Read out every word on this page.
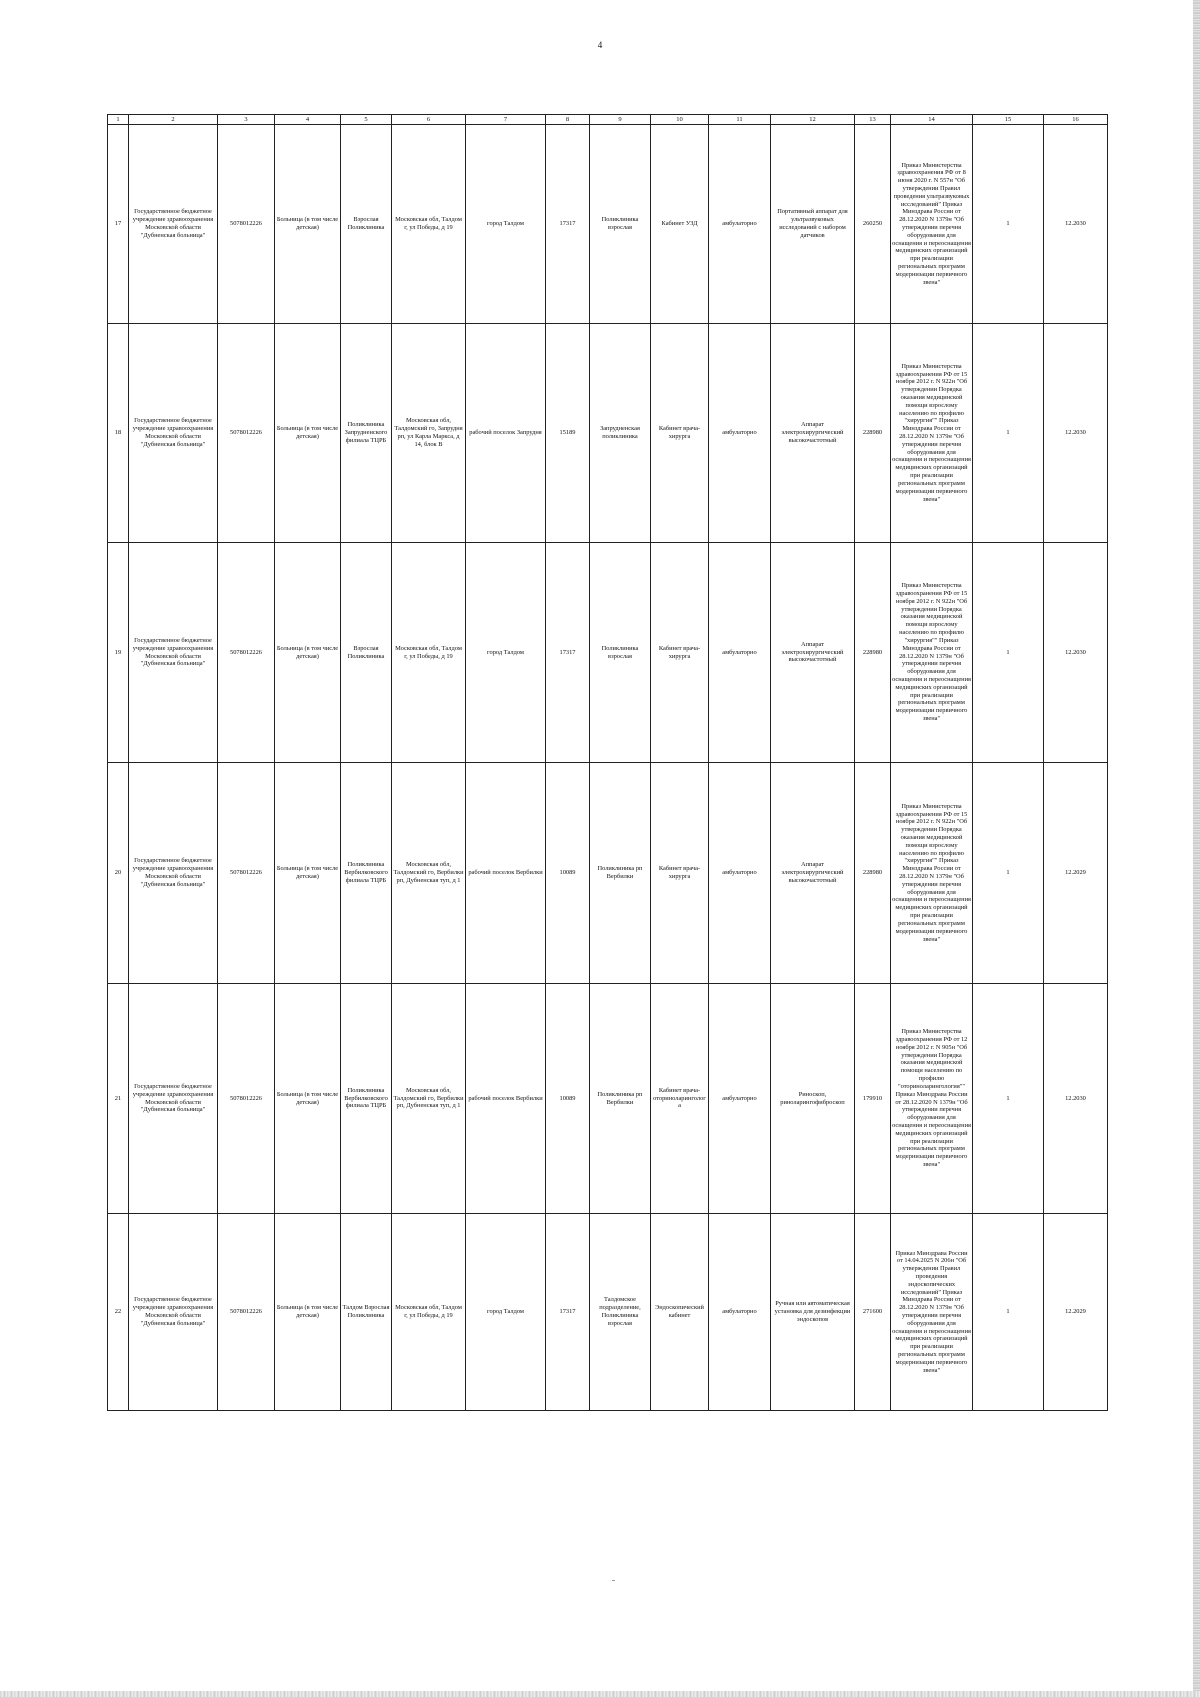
4
1	2	3	4	5	6	7	8	9	10	11	12	13	14	15	16
17	Государственное бюджетное учреждение здравоохранения Московской области "Дубненская больница"	5078012226	Больница (в том числе детская)	Взрослая Поликлиника	Московская обл, Талдом г, ул Победы, д 19	город Талдом	17317	Поликлиника взрослая	Кабинет УЗД	амбулаторно	Портативный аппарат для ультразвуковых исследований с набором датчиков	260250	Приказ Министерства здравоохранения РФ от 8 июня 2020 г. N 557н "Об утверждении Правил проведения ультразвуковых исследований" Приказ Минздрава России от 28.12.2020 N 1379н "Об утверждении перечня оборудования для оснащения и переоснащения медицинских организаций при реализации региональных программ модернизации первичного звена"	1	12.2030
18	Государственное бюджетное учреждение здравоохранения Московской области "Дубненская больница"	5078012226	Больница (в том числе детская)	Поликлиника Запрудненского филиала ТЦРБ	Московская обл, Талдомский го, Запрудня рп, ул Карла Маркса, д 14, блок В	рабочий поселок Запрудня	15189	Запрудненская поликлиника	Кабинет врача-хирурга	амбулаторно	Аппарат электрохирургический высокочастотный	228980	Приказ Министерства здравоохранения РФ от 15 ноября 2012 г. N 922н "Об утверждении Порядка оказания медицинской помощи взрослому населению по профилю "хирургия"" Приказ Минздрава России от 28.12.2020 N 1379н "Об утверждении перечня оборудования для оснащения и переоснащения медицинских организаций при реализации региональных программ модернизации первичного звена"	1	12.2030
19	Государственное бюджетное учреждение здравоохранения Московской области "Дубненская больница"	5078012226	Больница (в том числе детская)	Взрослая Поликлиника	Московская обл, Талдом г, ул Победы, д 19	город Талдом	17317	Поликлиника взрослая	Кабинет врача-хирурга	амбулаторно	Аппарат электрохирургический высокочастотный	228980	Приказ Министерства здравоохранения РФ от 15 ноября 2012 г. N 922н "Об утверждении Порядка оказания медицинской помощи взрослому населению по профилю "хирургия"" Приказ Минздрава России от 28.12.2020 N 1379н "Об утверждении перечня оборудования для оснащения и переоснащения медицинских организаций при реализации региональных программ модернизации первичного звена"	1	12.2030
20	Государственное бюджетное учреждение здравоохранения Московской области "Дубненская больница"	5078012226	Больница (в том числе детская)	Поликлиника Вербилковского филиала ТЦРБ	Московская обл, Талдомский го, Вербилки рп, Дубненская туп, д 1	рабочий поселок Вербилки	10089	Поликлиника рп Вербилки	Кабинет врача-хирурга	амбулаторно	Аппарат электрохирургический высокочастотный	228980	Приказ Министерства здравоохранения РФ от 15 ноября 2012 г. N 922н "Об утверждении Порядка оказания медицинской помощи взрослому населению по профилю "хирургия"" Приказ Минздрава России от 28.12.2020 N 1379н "Об утверждении перечня оборудования для оснащения и переоснащения медицинских организаций при реализации региональных программ модернизации первичного звена"	1	12.2029
21	Государственное бюджетное учреждение здравоохранения Московской области "Дубненская больница"	5078012226	Больница (в том числе детская)	Поликлиника Вербилковского филиала ТЦРБ	Московская обл, Талдомский го, Вербилки рп, Дубненская туп, д 1	рабочий поселок Вербилки	10089	Поликлиника рп Вербилки	Кабинет врача-оториноларинголога	амбулаторно	Риноскоп, риноларингофиброскоп	179910	Приказ Министерства здравоохранения РФ от 12 ноября 2012 г. N 905н "Об утверждении Порядка оказания медицинской помощи населению по профилю "оториноларингология"" Приказ Минздрава России от 28.12.2020 N 1379н "Об утверждении перечня оборудования для оснащения и переоснащения медицинских организаций при реализации региональных программ модернизации первичного звена"	1	12.2030
22	Государственное бюджетное учреждение здравоохранения Московской области "Дубненская больница"	5078012226	Больница (в том числе детская)	Талдом Взрослая Поликлиника	Московская обл, Талдом г, ул Победы, д 19	город Талдом	17317	Талдомское подразделение, Поликлиника взрослая	Эндоскопический кабинет	амбулаторно	Ручная или автоматическая установка для дезинфекции эндоскопов	271600	Приказ Минздрава России от 14.04.2025 N 206н "Об утверждении Правил проведения эндоскопических исследований" Приказ Минздрава России от 28.12.2020 N 1379н "Об утверждении перечня оборудования для оснащения и переоснащения медицинских организаций при реализации региональных программ модернизации первичного звена"	1	12.2029
